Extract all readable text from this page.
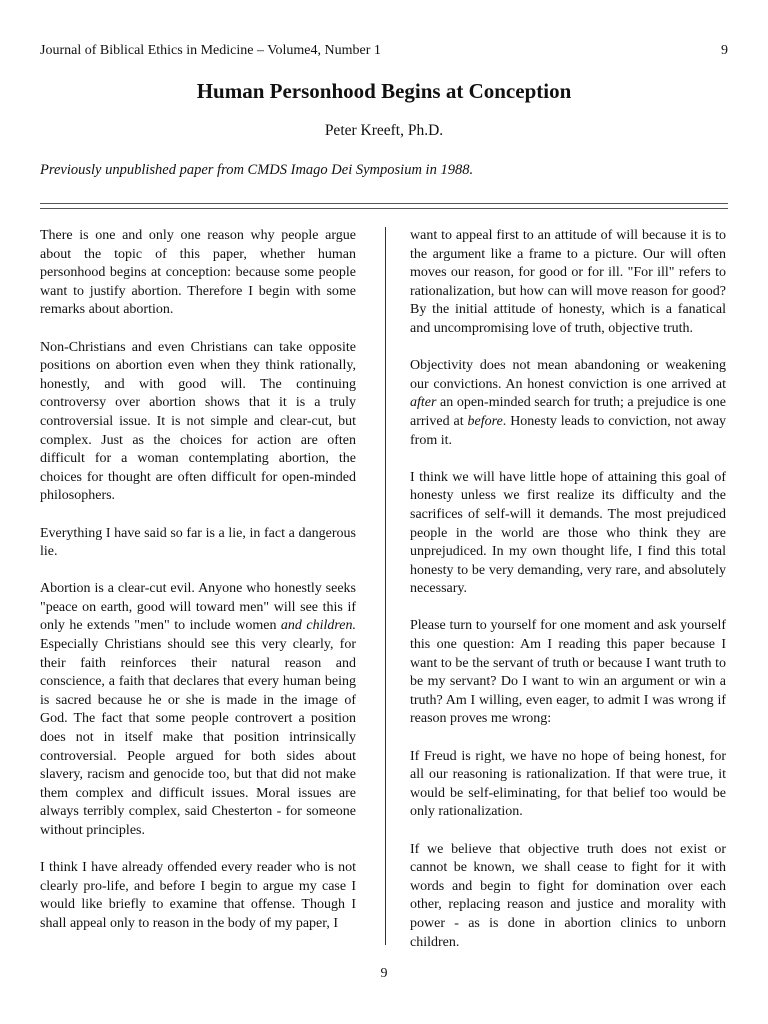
Journal of Biblical Ethics in Medicine – Volume4, Number 1	9
Human Personhood Begins at Conception
Peter Kreeft, Ph.D.
Previously unpublished paper from CMDS Imago Dei Symposium in 1988.

There is one and only one reason why people argue about the topic of this paper, whether human personhood begins at conception: because some people want to justify abortion. Therefore I begin with some remarks about abortion.

Non-Christians and even Christians can take opposite positions on abortion even when they think rationally, honestly, and with good will. The continuing controversy over abortion shows that it is a truly controversial issue. It is not simple and clear-cut, but complex. Just as the choices for action are often difficult for a woman contemplating abortion, the choices for thought are often difficult for open-minded philosophers.

Everything I have said so far is a lie, in fact a dangerous lie.

Abortion is a clear-cut evil. Anyone who honestly seeks "peace on earth, good will toward men" will see this if only he extends "men" to include women and children. Especially Christians should see this very clearly, for their faith reinforces their natural reason and conscience, a faith that declares that every human being is sacred because he or she is made in the image of God. The fact that some people controvert a position does not in itself make that position intrinsically controversial. People argued for both sides about slavery, racism and genocide too, but that did not make them complex and difficult issues. Moral issues are always terribly complex, said Chesterton - for someone without principles.

I think I have already offended every reader who is not clearly pro-life, and before I begin to argue my case I would like briefly to examine that offense. Though I shall appeal only to reason in the body of my paper, I

want to appeal first to an attitude of will because it is to the argument like a frame to a picture. Our will often moves our reason, for good or for ill. "For ill" refers to rationalization, but how can will move reason for good? By the initial attitude of honesty, which is a fanatical and uncompromising love of truth, objective truth.

Objectivity does not mean abandoning or weakening our convictions. An honest conviction is one arrived at after an open-minded search for truth; a prejudice is one arrived at before. Honesty leads to conviction, not away from it.

I think we will have little hope of attaining this goal of honesty unless we first realize its difficulty and the sacrifices of self-will it demands. The most prejudiced people in the world are those who think they are unprejudiced. In my own thought life, I find this total honesty to be very demanding, very rare, and absolutely necessary.

Please turn to yourself for one moment and ask yourself this one question: Am I reading this paper because I want to be the servant of truth or because I want truth to be my servant? Do I want to win an argument or win a truth? Am I willing, even eager, to admit I was wrong if reason proves me wrong:

If Freud is right, we have no hope of being honest, for all our reasoning is rationalization. If that were true, it would be self-eliminating, for that belief too would be only rationalization.

If we believe that objective truth does not exist or cannot be known, we shall cease to fight for it with words and begin to fight for domination over each other, replacing reason and justice and morality with power - as is done in abortion clinics to unborn children.

9
